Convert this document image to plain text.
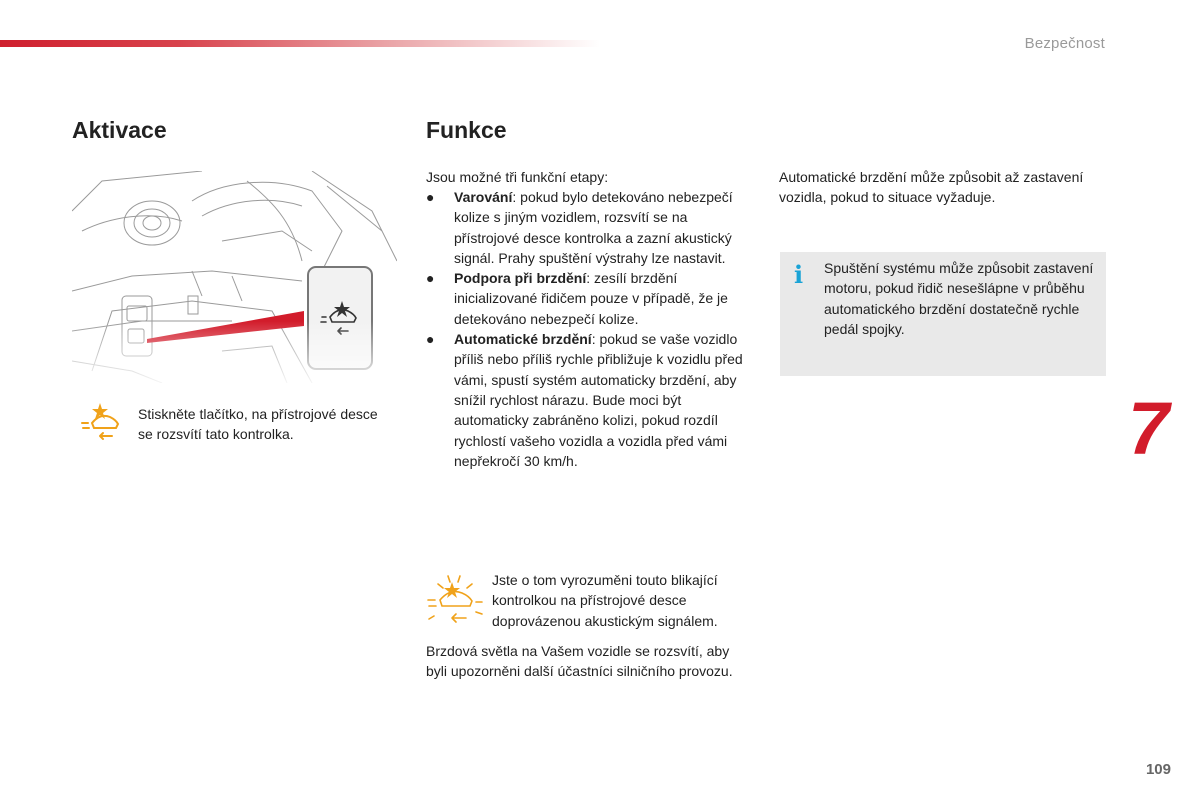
Bezpečnost
Aktivace	Funkce
Stiskněte tlačítko, na přístrojové desce se rozsvítí tato kontrolka.
Jsou možné tři funkční etapy:
● Varování: pokud bylo detekováno nebezpečí kolize s jiným vozidlem, rozsvítí se na přístrojové desce kontrolka a zazní akustický signál. Prahy spuštění výstrahy lze nastavit.
● Podpora při brzdění: zesílí brzdění inicializované řidičem pouze v případě, že je detekováno nebezpečí kolize.
● Automatické brzdění: pokud se vaše vozidlo příliš nebo příliš rychle přibližuje k vozidlu před vámi, spustí systém automaticky brzdění, aby snížil rychlost nárazu. Bude moci být automaticky zabráněno kolizi, pokud rozdíl rychlostí vašeho vozidla a vozidla před vámi nepřekročí 30 km/h.
Jste o tom vyrozuměni touto blikající kontrolkou na přístrojové desce doprovázenou akustickým signálem.
Brzdová světla na Vašem vozidle se rozsvítí, aby byli upozorněni další účastníci silničního provozu.
Automatické brzdění může způsobit až zastavení vozidla, pokud to situace vyžaduje.
i Spuštění systému může způsobit zastavení motoru, pokud řidič nesešlápne v průběhu automatického brzdění dostatečně rychle pedál spojky.
7
109
